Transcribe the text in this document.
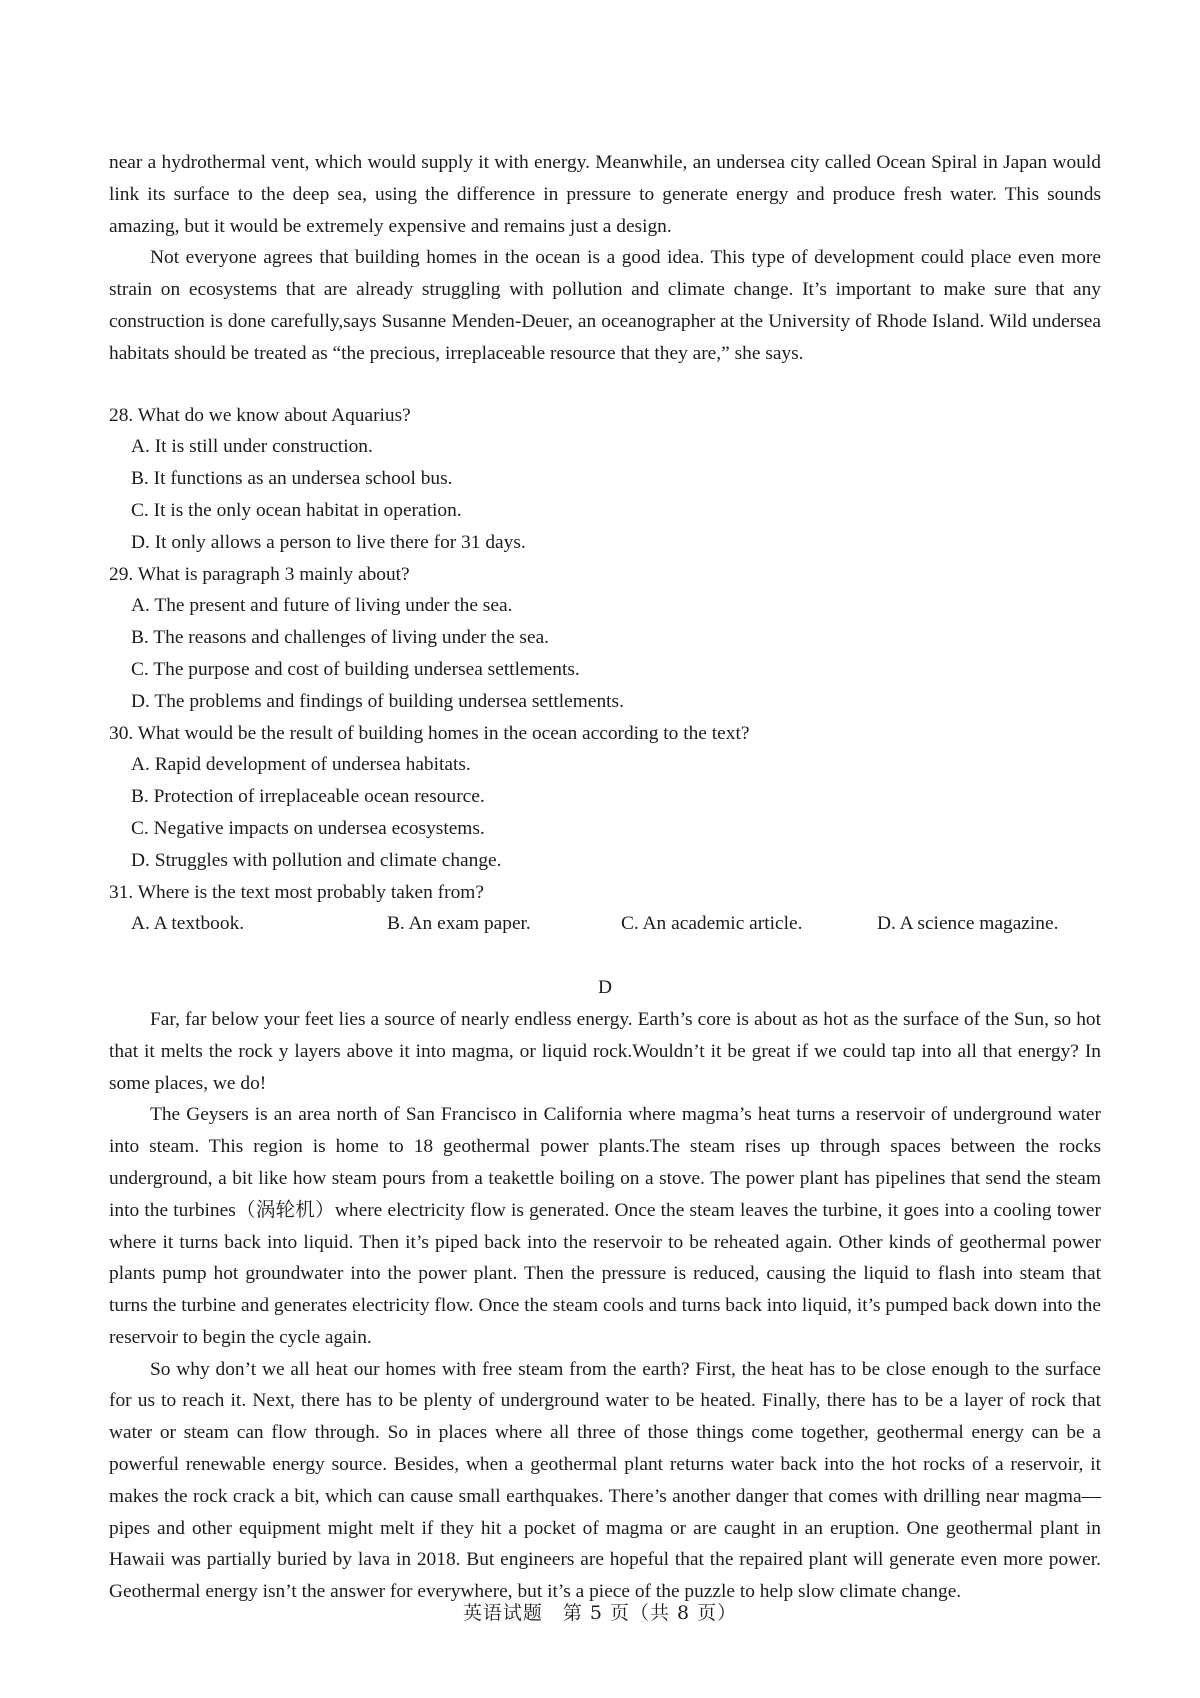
near a hydrothermal vent, which would supply it with energy. Meanwhile, an undersea city called Ocean Spiral in Japan would link its surface to the deep sea, using the difference in pressure to generate energy and produce fresh water. This sounds amazing, but it would be extremely expensive and remains just a design.

Not everyone agrees that building homes in the ocean is a good idea. This type of development could place even more strain on ecosystems that are already struggling with pollution and climate change. It’s important to make sure that any construction is done carefully,says Susanne Menden-Deuer, an oceanographer at the University of Rhode Island. Wild undersea habitats should be treated as “the precious, irreplaceable resource that they are,” she says.

28. What do we know about Aquarius?
A. It is still under construction.
B. It functions as an undersea school bus.
C. It is the only ocean habitat in operation.
D. It only allows a person to live there for 31 days.
29. What is paragraph 3 mainly about?
A. The present and future of living under the sea.
B. The reasons and challenges of living under the sea.
C. The purpose and cost of building undersea settlements.
D. The problems and findings of building undersea settlements.
30. What would be the result of building homes in the ocean according to the text?
A. Rapid development of undersea habitats.
B. Protection of irreplaceable ocean resource.
C. Negative impacts on undersea ecosystems.
D. Struggles with pollution and climate change.
31. Where is the text most probably taken from?
A. A textbook.	B. An exam paper.	C. An academic article.	D. A science magazine.
D

Far, far below your feet lies a source of nearly endless energy. Earth’s core is about as hot as the surface of the Sun, so hot that it melts the rock y layers above it into magma, or liquid rock.Wouldn’t it be great if we could tap into all that energy? In some places, we do!

The Geysers is an area north of San Francisco in California where magma’s heat turns a reservoir of underground water into steam. This region is home to 18 geothermal power plants.The steam rises up through spaces between the rocks underground, a bit like how steam pours from a teakettle boiling on a stove. The power plant has pipelines that send the steam into the turbines（涡轮机）where electricity flow is generated. Once the steam leaves the turbine, it goes into a cooling tower where it turns back into liquid. Then it’s piped back into the reservoir to be reheated again. Other kinds of geothermal power plants pump hot groundwater into the power plant. Then the pressure is reduced, causing the liquid to flash into steam that turns the turbine and generates electricity flow. Once the steam cools and turns back into liquid, it’s pumped back down into the reservoir to begin the cycle again.

So why don’t we all heat our homes with free steam from the earth? First, the heat has to be close enough to the surface for us to reach it. Next, there has to be plenty of underground water to be heated. Finally, there has to be a layer of rock that water or steam can flow through. So in places where all three of those things come together, geothermal energy can be a powerful renewable energy source. Besides, when a geothermal plant returns water back into the hot rocks of a reservoir, it makes the rock crack a bit, which can cause small earthquakes. There’s another danger that comes with drilling near magma—pipes and other equipment might melt if they hit a pocket of magma or are caught in an eruption. One geothermal plant in Hawaii was partially buried by lava in 2018. But engineers are hopeful that the repaired plant will generate even more power. Geothermal energy isn’t the answer for everywhere, but it’s a piece of the puzzle to help slow climate change.

英语试题　第 5 页（共 8 页）
